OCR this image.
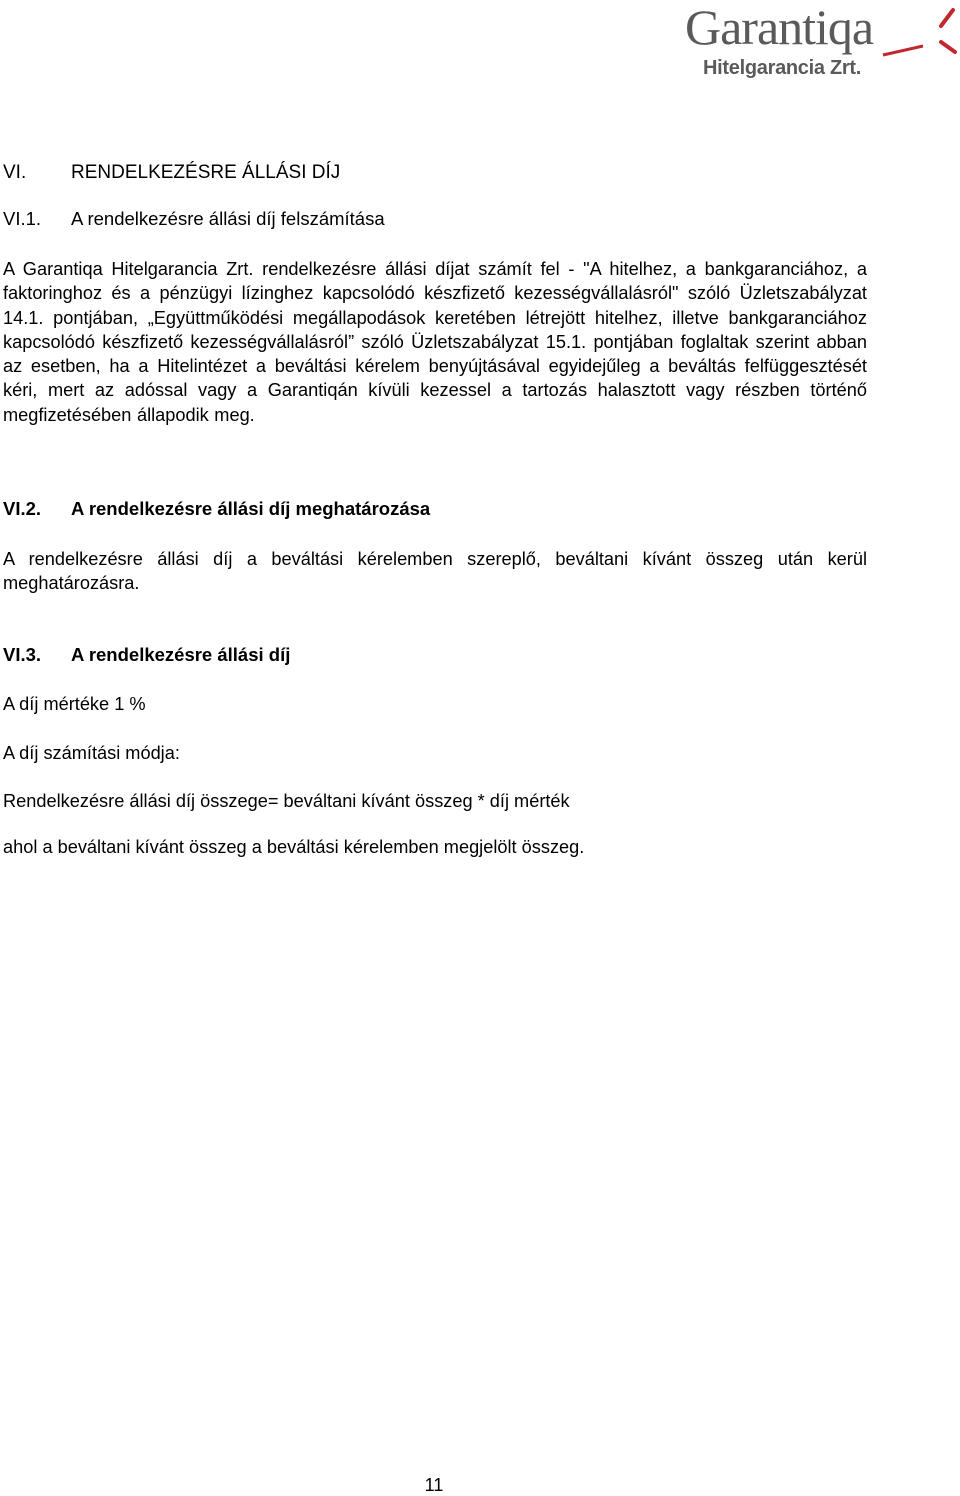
Garantiqa
Hitelgarancia Zrt.
VI. RENDELKEZÉSRE ÁLLÁSI DÍJ
VI.1. A rendelkezésre állási díj felszámítása
A Garantiqa Hitelgarancia Zrt. rendelkezésre állási díjat számít fel - "A hitelhez, a bankgaranciához, a faktoringhoz és a pénzügyi lízinghez kapcsolódó készfizető kezességvállalásról" szóló Üzletszabályzat 14.1. pontjában, „Együttműködési megállapodások keretében létrejött hitelhez, illetve bankgaranciához kapcsolódó készfizető kezességvállalásról” szóló Üzletszabályzat 15.1. pontjában foglaltak szerint abban az esetben, ha a Hitelintézet a beváltási kérelem benyújtásával egyidejűleg a beváltás felfüggesztését kéri, mert az adóssal vagy a Garantiqán kívüli kezessel a tartozás halasztott vagy részben történő megfizetésében állapodik meg.
VI.2. A rendelkezésre állási díj meghatározása
A rendelkezésre állási díj a beváltási kérelemben szereplő, beváltani kívánt összeg után kerül meghatározásra.
VI.3. A rendelkezésre állási díj
A díj mértéke 1 %
A díj számítási módja:
Rendelkezésre állási díj összege= beváltani kívánt összeg * díj mérték
ahol a beváltani kívánt összeg a beváltási kérelemben megjelölt összeg.
11
